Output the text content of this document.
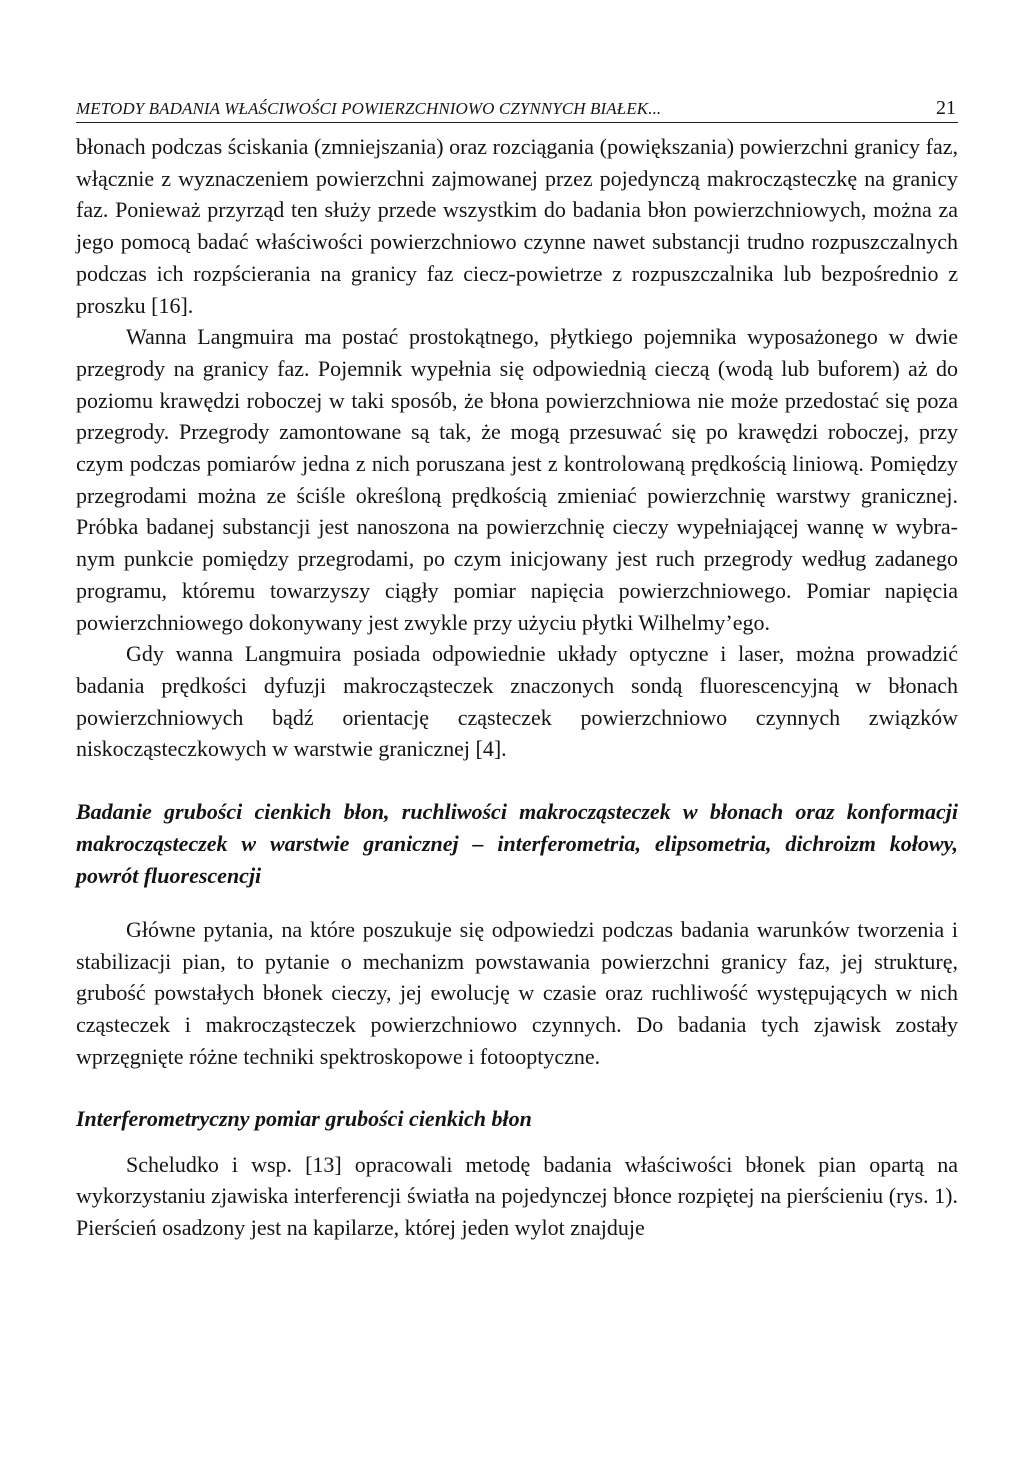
METODY BADANIA WŁAŚCIWOŚCI POWIERZCHNIOWO CZYNNYCH BIAŁEK...	21

błonach podczas ściskania (zmniejszania) oraz rozciągania (powiększania) powierzchni granicy faz, włącznie z wyznaczeniem powierzchni zajmowanej przez pojedynczą makrocząsteczkę na granicy faz. Ponieważ przyrząd ten służy przede wszystkim do badania błon powierzchniowych, można za jego pomocą badać właściwości powierzchniowo czynne nawet substancji trudno rozpuszczalnych podczas ich rozpścierania na granicy faz ciecz-powietrze z rozpuszczalnika lub bezpośrednio z proszku [16].

Wanna Langmuira ma postać prostokątnego, płytkiego pojemnika wyposażonego w dwie przegrody na granicy faz. Pojemnik wypełnia się odpowiednią cieczą (wodą lub buforem) aż do poziomu krawędzi roboczej w taki sposób, że błona powierzchniowa nie może przedostać się poza przegrody. Przegrody zamontowane są tak, że mogą przesuwać się po krawędzi roboczej, przy czym podczas pomiarów jedna z nich poruszana jest z kontrolowaną prędkością liniową. Pomiędzy przegrodami można ze ściśle określoną prędkością zmieniać powierzchnię warstwy granicznej. Próbka badanej substancji jest nanoszona na powierzchnię cieczy wypełniającej wannę w wybranym punkcie pomiędzy przegrodami, po czym inicjowany jest ruch przegrody według zadanego programu, któremu towarzyszy ciągły pomiar napięcia powierzchniowego. Pomiar napięcia powierzchniowego dokonywany jest zwykle przy użyciu płytki Wilhelmy’ego.

Gdy wanna Langmuira posiada odpowiednie układy optyczne i laser, można prowadzić badania prędkości dyfuzji makrocząsteczek znaczonych sondą fluorescencyjną w błonach powierzchniowych bądź orientację cząsteczek powierzchniowo czynnych związków niskocząsteczkowych w warstwie granicznej [4].

Badanie grubości cienkich błon, ruchliwości makrocząsteczek w błonach oraz konformacji makrocząsteczek w warstwie granicznej – interferometria, elipsometria, dichroizm kołowy, powrót fluorescencji

Główne pytania, na które poszukuje się odpowiedzi podczas badania warunków tworzenia i stabilizacji pian, to pytanie o mechanizm powstawania powierzchni granicy faz, jej strukturę, grubość powstałych błonek cieczy, jej ewolucję w czasie oraz ruchliwość występujących w nich cząsteczek i makrocząsteczek powierzchniowo czynnych. Do badania tych zjawisk zostały wprzęgnięte różne techniki spektroskopowe i fotooptyczne.

Interferometryczny pomiar grubości cienkich błon

Scheludko i wsp. [13] opracowali metodę badania właściwości błonek pian opartą na wykorzystaniu zjawiska interferencji światła na pojedynczej błonce rozpiętej na pierścieniu (rys. 1). Pierścień osadzony jest na kapilarze, której jeden wylot znajduje
